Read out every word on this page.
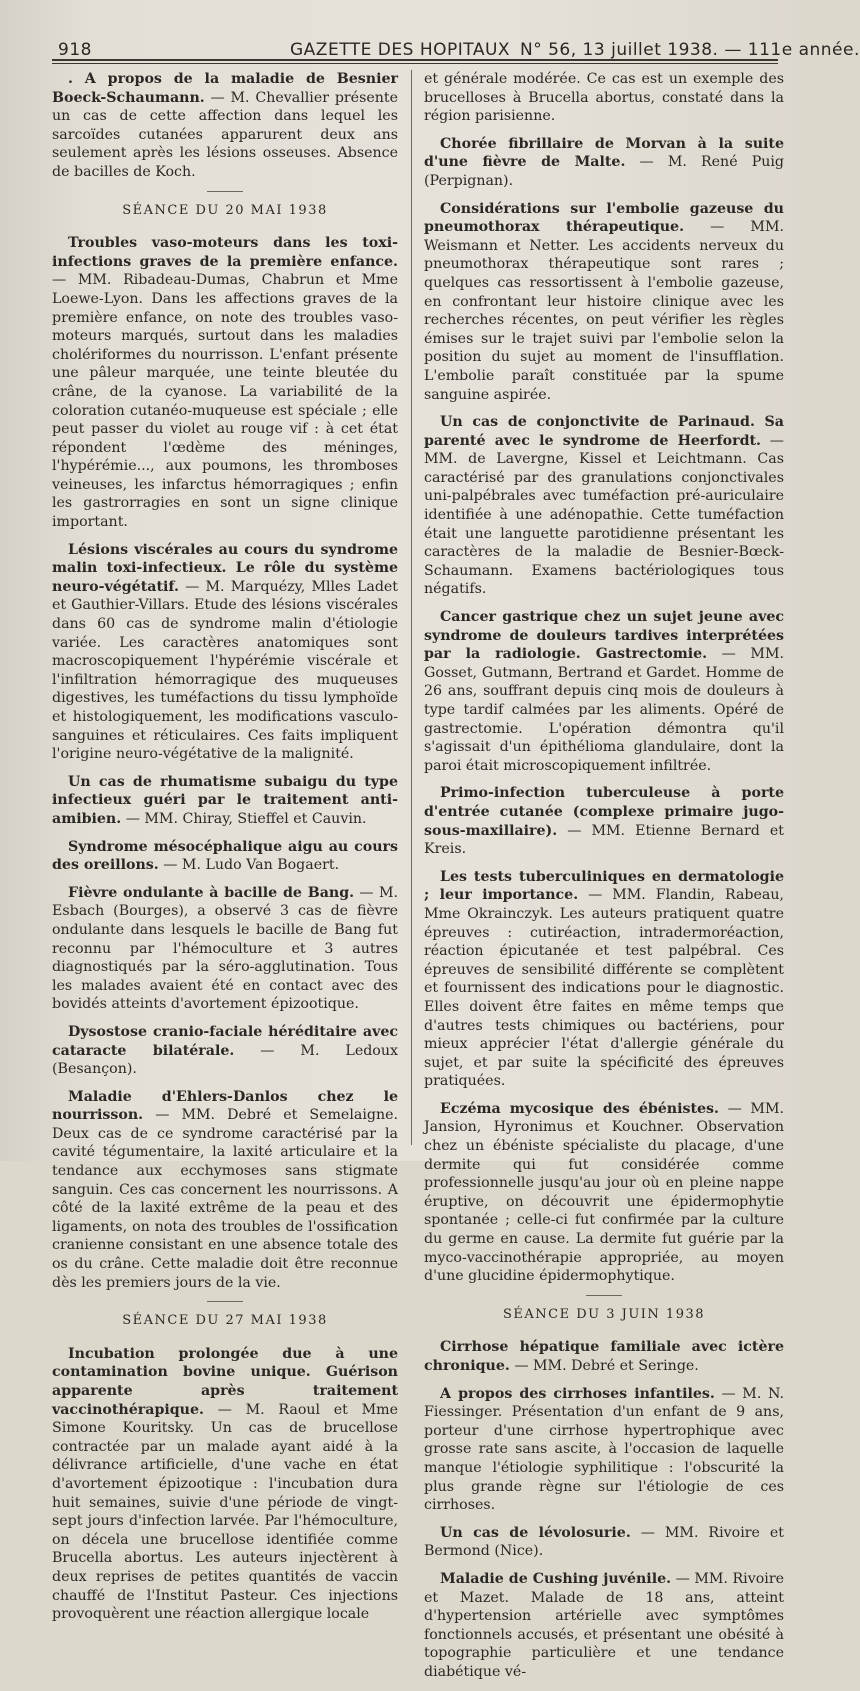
918	GAZETTE DES HOPITAUX N° 56, 13 juillet 1938. — 111e année.

. A propos de la maladie de Besnier Boeck-Schaumann. — M. Chevallier présente un cas de cette affection dans lequel les sarcoïdes cutanées apparurent deux ans seulement après les lésions osseuses. Absence de bacilles de Koch.

SÉANCE DU 20 MAI 1938

Troubles vaso-moteurs dans les toxi-infections graves de la première enfance. — MM. Ribadeau-Dumas, Chabrun et Mme Loewe-Lyon. Dans les affections graves de la première enfance, on note des troubles vaso-moteurs marqués, surtout dans les maladies cholériformes du nourrisson. L'enfant présente une pâleur marquée, une teinte bleutée du crâne, de la cyanose. La variabilité de la coloration cutanéo-muqueuse est spéciale ; elle peut passer du violet au rouge vif : à cet état répondent l'œdème des méninges, l'hypérémie..., aux poumons, les thromboses veineuses, les infarctus hémorragiques ; enfin les gastrorragies en sont un signe clinique important.

Lésions viscérales au cours du syndrome malin toxi-infectieux. Le rôle du système neuro-végétatif. — M. Marquézy, Mlles Ladet et Gauthier-Villars. Etude des lésions viscérales dans 60 cas de syndrome malin d'étiologie variée. Les caractères anatomiques sont macroscopiquement l'hypérémie viscérale et l'infiltration hémorragique des muqueuses digestives, les tuméfactions du tissu lymphoïde et histologiquement, les modifications vasculo-sanguines et réticulaires. Ces faits impliquent l'origine neuro-végétative de la malignité.

Un cas de rhumatisme subaigu du type infectieux guéri par le traitement anti-amibien. — MM. Chiray, Stieffel et Cauvin.

Syndrome mésocéphalique aigu au cours des oreillons. — M. Ludo Van Bogaert.

Fièvre ondulante à bacille de Bang. — M. Esbach (Bourges), a observé 3 cas de fièvre ondulante dans lesquels le bacille de Bang fut reconnu par l'hémoculture et 3 autres diagnostiqués par la séro-agglutination. Tous les malades avaient été en contact avec des bovidés atteints d'avortement épizootique.

Dysostose cranio-faciale héréditaire avec cataracte bilatérale. — M. Ledoux (Besançon).

Maladie d'Ehlers-Danlos chez le nourrisson. — MM. Debré et Semelaigne. Deux cas de ce syndrome caractérisé par la cavité tégumentaire, la laxité articulaire et la tendance aux ecchymoses sans stigmate sanguin. Ces cas concernent les nourrissons. A côté de la laxité extrême de la peau et des ligaments, on nota des troubles de l'ossification cranienne consistant en une absence totale des os du crâne. Cette maladie doit être reconnue dès les premiers jours de la vie.

SÉANCE DU 27 MAI 1938

Incubation prolongée due à une contamination bovine unique. Guérison apparente après traitement vaccinothérapique. — M. Raoul et Mme Simone Kouritsky. Un cas de brucellose contractée par un malade ayant aidé à la délivrance artificielle, d'une vache en état d'avortement épizootique : l'incubation dura huit semaines, suivie d'une période de vingt-sept jours d'infection larvée. Par l'hémoculture, on décela une brucellose identifiée comme Brucella abortus. Les auteurs injectèrent à deux reprises de petites quantités de vaccin chauffé de l'Institut Pasteur. Ces injections provoquèrent une réaction allergique locale

et générale modérée. Ce cas est un exemple des brucelloses à Brucella abortus, constaté dans la région parisienne.

Chorée fibrillaire de Morvan à la suite d'une fièvre de Malte. — M. René Puig (Perpignan).

Considérations sur l'embolie gazeuse du pneumothorax thérapeutique. — MM. Weismann et Netter. Les accidents nerveux du pneumothorax thérapeutique sont rares ; quelques cas ressortissent à l'embolie gazeuse, en confrontant leur histoire clinique avec les recherches récentes, on peut vérifier les règles émises sur le trajet suivi par l'embolie selon la position du sujet au moment de l'insufflation. L'embolie paraît constituée par la spume sanguine aspirée.

Un cas de conjonctivite de Parinaud. Sa parenté avec le syndrome de Heerfordt. — MM. de Lavergne, Kissel et Leichtmann. Cas caractérisé par des granulations conjonctivales uni-palpébrales avec tuméfaction pré-auriculaire identifiée à une adénopathie. Cette tuméfaction était une languette parotidienne présentant les caractères de la maladie de Besnier-Bœck-Schaumann. Examens bactériologiques tous négatifs.

Cancer gastrique chez un sujet jeune avec syndrome de douleurs tardives interprétées par la radiologie. Gastrectomie. — MM. Gosset, Gutmann, Bertrand et Gardet. Homme de 26 ans, souffrant depuis cinq mois de douleurs à type tardif calmées par les aliments. Opéré de gastrectomie. L'opération démontra qu'il s'agissait d'un épithélioma glandulaire, dont la paroi était microscopiquement infiltrée.

Primo-infection tuberculeuse à porte d'entrée cutanée (complexe primaire jugo-sous-maxillaire). — MM. Etienne Bernard et Kreis.

Les tests tuberculiniques en dermatologie ; leur importance. — MM. Flandin, Rabeau, Mme Okrainczyk. Les auteurs pratiquent quatre épreuves : cutiréaction, intradermoréaction, réaction épicutanée et test palpébral. Ces épreuves de sensibilité différente se complètent et fournissent des indications pour le diagnostic. Elles doivent être faites en même temps que d'autres tests chimiques ou bactériens, pour mieux apprécier l'état d'allergie générale du sujet, et par suite la spécificité des épreuves pratiquées.

Eczéma mycosique des ébénistes. — MM. Jansion, Hyronimus et Kouchner. Observation chez un ébéniste spécialiste du placage, d'une dermite qui fut considérée comme professionnelle jusqu'au jour où en pleine nappe éruptive, on découvrit une épidermophytie spontanée ; celle-ci fut confirmée par la culture du germe en cause. La dermite fut guérie par la myco-vaccinothérapie appropriée, au moyen d'une glucidine épidermophytique.

SÉANCE DU 3 JUIN 1938

Cirrhose hépatique familiale avec ictère chronique. — MM. Debré et Seringe.

A propos des cirrhoses infantiles. — M. N. Fiessinger. Présentation d'un enfant de 9 ans, porteur d'une cirrhose hypertrophique avec grosse rate sans ascite, à l'occasion de laquelle manque l'étiologie syphilitique : l'obscurité la plus grande règne sur l'étiologie de ces cirrhoses.

Un cas de lévolosurie. — MM. Rivoire et Bermond (Nice).

Maladie de Cushing juvénile. — MM. Rivoire et Mazet. Malade de 18 ans, atteint d'hypertension artérielle avec symptômes fonctionnels accusés, et présentant une obésité à topographie particulière et une tendance diabétique vé-
